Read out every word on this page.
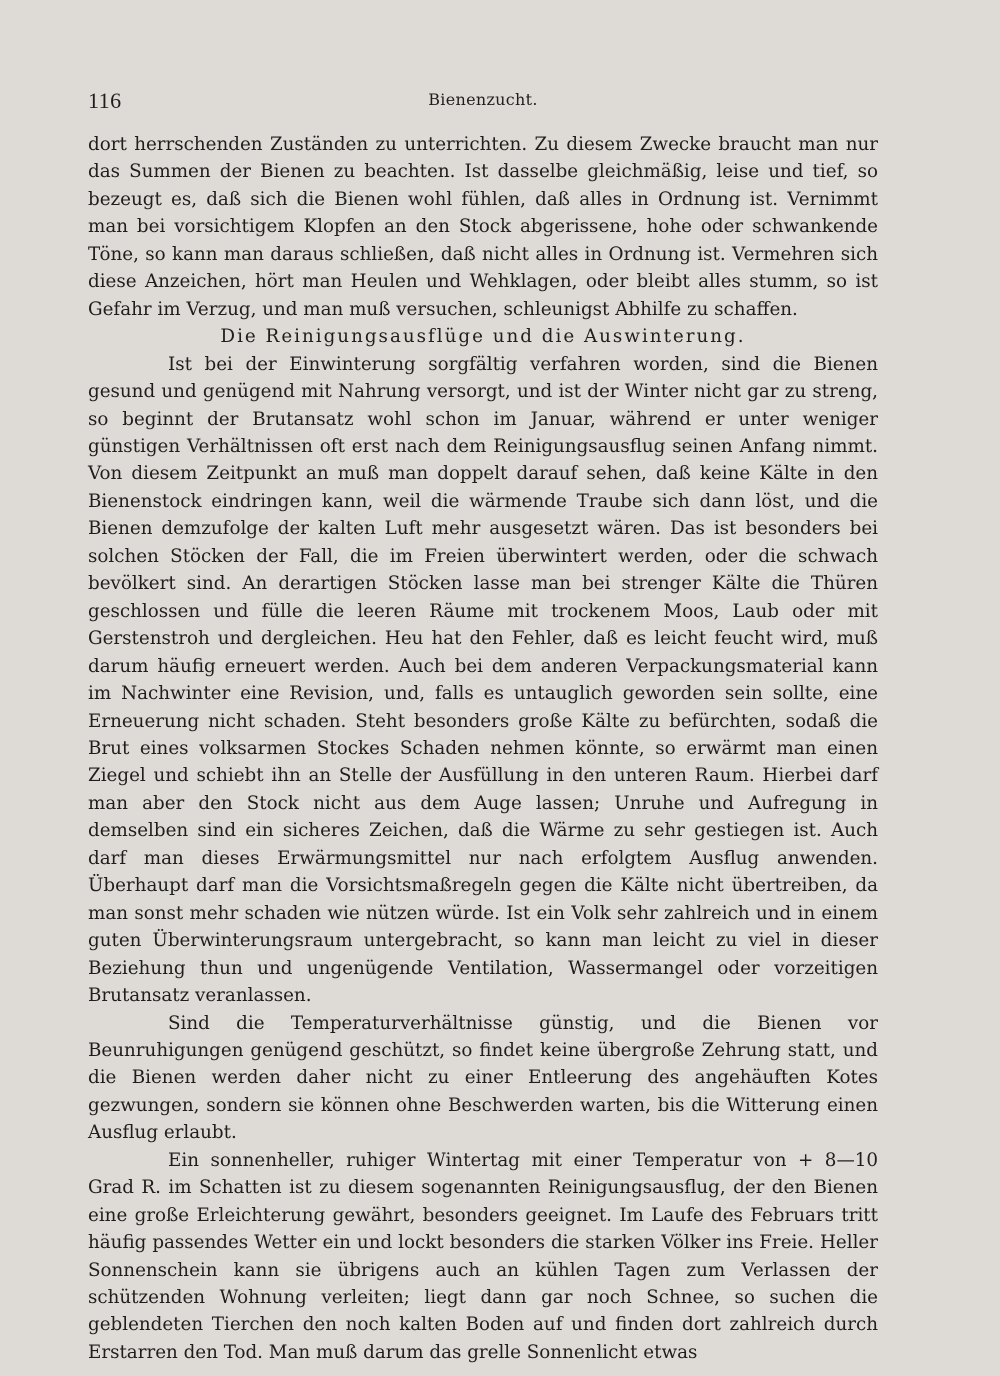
116	Bienenzucht.

dort herrschenden Zuständen zu unterrichten. Zu diesem Zwecke braucht man nur das Summen der Bienen zu beachten. Ist dasselbe gleichmäßig, leise und tief, so bezeugt es, daß sich die Bienen wohl fühlen, daß alles in Ordnung ist. Vernimmt man bei vorsichtigem Klopfen an den Stock abgerissene, hohe oder schwankende Töne, so kann man daraus schließen, daß nicht alles in Ordnung ist. Vermehren sich diese Anzeichen, hört man Heulen und Wehklagen, oder bleibt alles stumm, so ist Gefahr im Verzug, und man muß versuchen, schleunigst Abhilfe zu schaffen.

Die Reinigungsausflüge und die Auswinterung.

Ist bei der Einwinterung sorgfältig verfahren worden, sind die Bienen gesund und genügend mit Nahrung versorgt, und ist der Winter nicht gar zu streng, so beginnt der Brutansatz wohl schon im Januar, während er unter weniger günstigen Verhältnissen oft erst nach dem Reinigungsausflug seinen Anfang nimmt. Von diesem Zeitpunkt an muß man doppelt darauf sehen, daß keine Kälte in den Bienenstock eindringen kann, weil die wärmende Traube sich dann löst, und die Bienen demzufolge der kalten Luft mehr ausgesetzt wären. Das ist besonders bei solchen Stöcken der Fall, die im Freien überwintert werden, oder die schwach bevölkert sind. An derartigen Stöcken lasse man bei strenger Kälte die Thüren geschlossen und fülle die leeren Räume mit trockenem Moos, Laub oder mit Gerstenstroh und dergleichen. Heu hat den Fehler, daß es leicht feucht wird, muß darum häufig erneuert werden. Auch bei dem anderen Verpackungsmaterial kann im Nachwinter eine Revision, und, falls es untauglich geworden sein sollte, eine Erneuerung nicht schaden. Steht besonders große Kälte zu befürchten, sodaß die Brut eines volksarmen Stockes Schaden nehmen könnte, so erwärmt man einen Ziegel und schiebt ihn an Stelle der Ausfüllung in den unteren Raum. Hierbei darf man aber den Stock nicht aus dem Auge lassen; Unruhe und Aufregung in demselben sind ein sicheres Zeichen, daß die Wärme zu sehr gestiegen ist. Auch darf man dieses Erwärmungsmittel nur nach erfolgtem Ausflug anwenden. Überhaupt darf man die Vorsichtsmaßregeln gegen die Kälte nicht übertreiben, da man sonst mehr schaden wie nützen würde. Ist ein Volk sehr zahlreich und in einem guten Überwinterungsraum untergebracht, so kann man leicht zu viel in dieser Beziehung thun und ungenügende Ventilation, Wassermangel oder vorzeitigen Brutansatz veranlassen.

Sind die Temperaturverhältnisse günstig, und die Bienen vor Beunruhigungen genügend geschützt, so findet keine übergroße Zehrung statt, und die Bienen werden daher nicht zu einer Entleerung des angehäuften Kotes gezwungen, sondern sie können ohne Beschwerden warten, bis die Witterung einen Ausflug erlaubt.

Ein sonnenheller, ruhiger Wintertag mit einer Temperatur von + 8—10 Grad R. im Schatten ist zu diesem sogenannten Reinigungsausflug, der den Bienen eine große Erleichterung gewährt, besonders geeignet. Im Laufe des Februars tritt häufig passendes Wetter ein und lockt besonders die starken Völker ins Freie. Heller Sonnenschein kann sie übrigens auch an kühlen Tagen zum Verlassen der schützenden Wohnung verleiten; liegt dann gar noch Schnee, so suchen die geblendeten Tierchen den noch kalten Boden auf und finden dort zahlreich durch Erstarren den Tod. Man muß darum das grelle Sonnenlicht etwas
